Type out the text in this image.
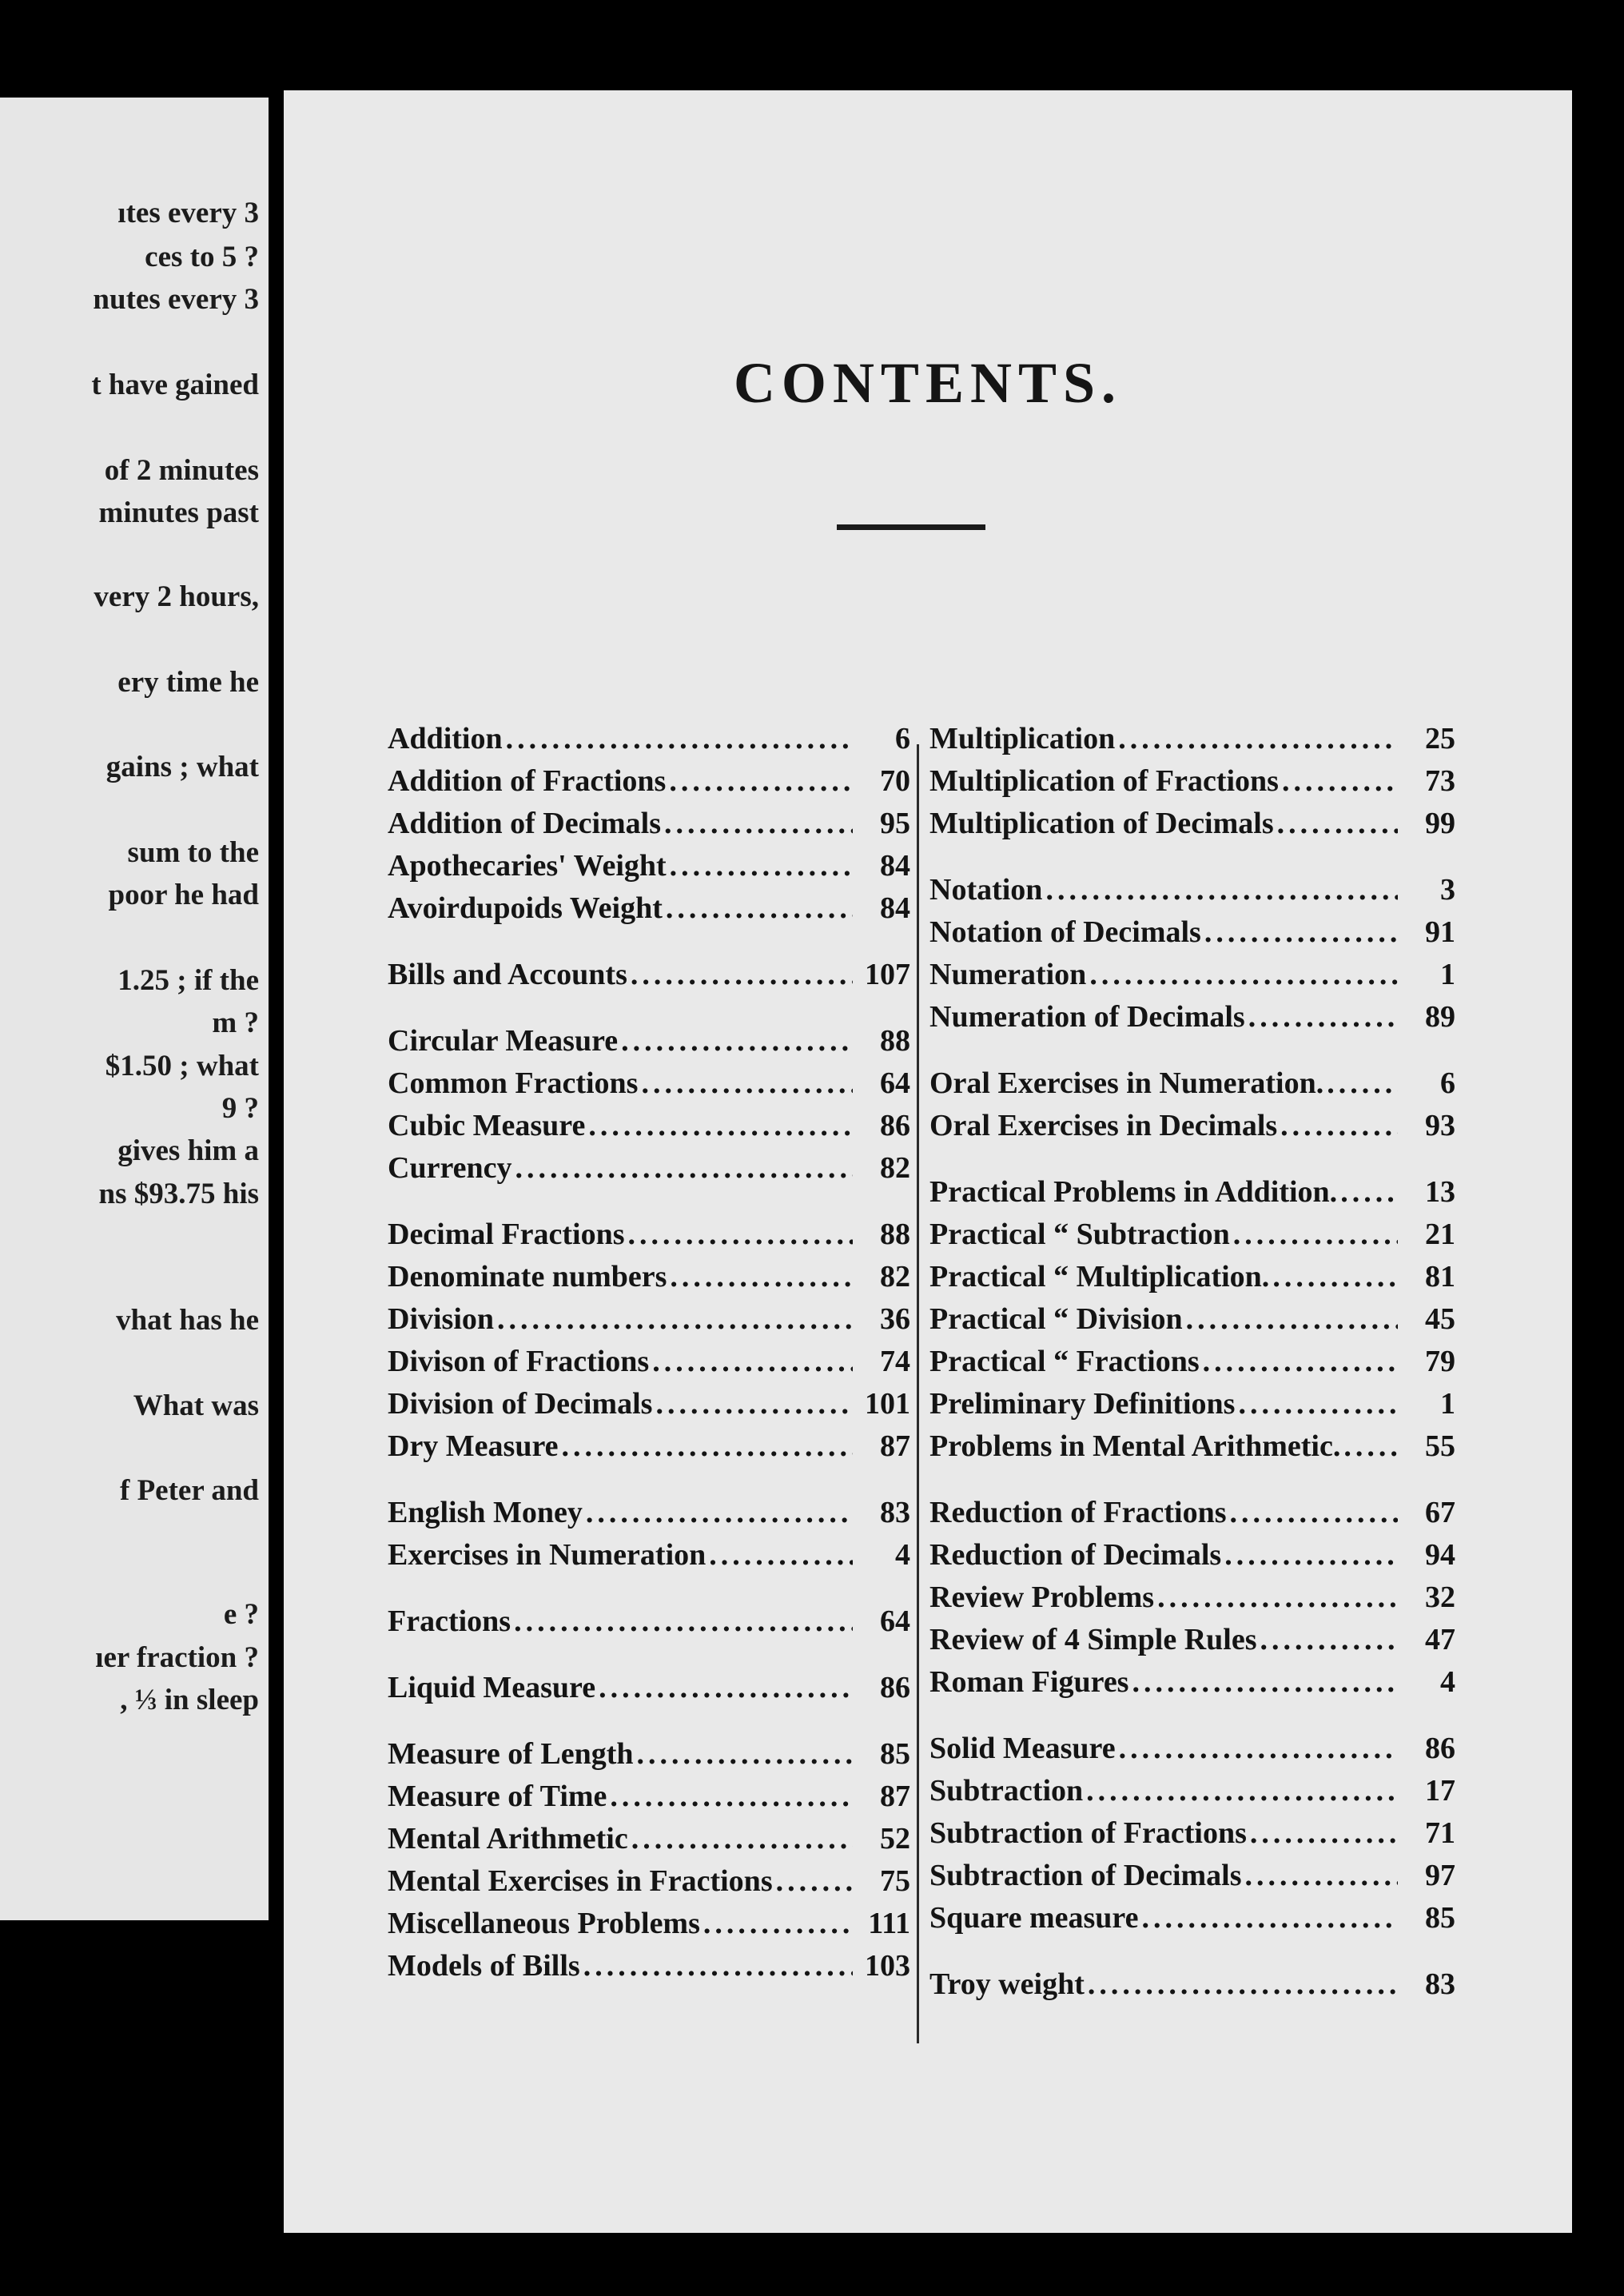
ıtes every 3
ces to 5 ?
nutes every 3
t have gained
of 2 minutes
minutes past
very 2 hours,
ery time he
gains ; what
sum to the
poor he had
1.25 ; if the
m ?
$1.50 ; what
9 ?
gives him a
ns $93.75 his
vhat has he
What was
f Peter and
e ?
ıer fraction ?
, ⅓ in sleep
CONTENTS.
Addition .....	6
Addition of Fractions .....	70
Addition of Decimals .....	95
Apothecaries' Weight .....	84
Avoirdupoids Weight .....	84
Bills and Accounts .....	107
Circular Measure .....	88
Common Fractions .....	64
Cubic Measure .....	86
Currency .....	82
Decimal Fractions .....	88
Denominate numbers .....	82
Division .....	36
Divison of Fractions .....	74
Division of Decimals .....	101
Dry Measure .....	87
English Money .....	83
Exercises in Numeration .....	4
Fractions .....	64
Liquid Measure .....	86
Measure of Length .....	85
Measure of Time .....	87
Mental Arithmetic .....	52
Mental Exercises in Fractions .....	75
Miscellaneous Problems .....	111
Models of Bills .....	103
Multiplication .....	25
Multiplication of Fractions .....	73
Multiplication of Decimals .....	99
Notation .....	3
Notation of Decimals .....	91
Numeration .....	1
Numeration of Decimals .....	89
Oral Exercises in Numeration. .....	6
Oral Exercises in Decimals .....	93
Practical Problems in Addition. .....	13
Practical “ Subtraction .....	21
Practical “ Multiplication. .....	81
Practical “ Division .....	45
Practical “ Fractions .....	79
Preliminary Definitions .....	1
Problems in Mental Arithmetic. .....	55
Reduction of Fractions .....	67
Reduction of Decimals .....	94
Review Problems .....	32
Review of 4 Simple Rules .....	47
Roman Figures .....	4
Solid Measure .....	86
Subtraction .....	17
Subtraction of Fractions .....	71
Subtraction of Decimals .....	97
Square measure .....	85
Troy weight .....	83
